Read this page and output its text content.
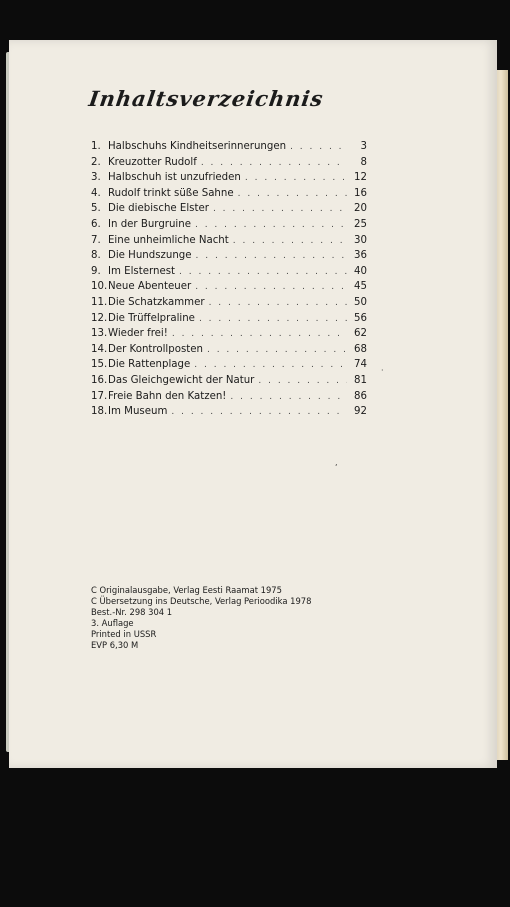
Inhaltsverzeichnis
1. Halbschuhs Kindheitserinnerungen . . .	3
2. Kreuzotter Rudolf . . .	8
3. Halbschuh ist unzufrieden . . .	12
4. Rudolf trinkt süße Sahne . . .	16
5. Die diebische Elster . . .	20
6. In der Burgruine . . .	25
7. Eine unheimliche Nacht . . .	30
8. Die Hundszunge . . .	36
9. Im Elsternest . . .	40
10. Neue Abenteuer . . .	45
11. Die Schatzkammer . . .	50
12. Die Trüffelpraline . . .	56
13. Wieder frei! . . .	62
14. Der Kontrollposten . . .	68
15. Die Rattenplage . . .	74
16. Das Gleichgewicht der Natur . . .	81
17. Freie Bahn den Katzen! . . .	86
18. Im Museum . . .	92
C Originalausgabe, Verlag Eesti Raamat 1975
C Übersetzung ins Deutsche, Verlag Perioodika 1978
Best.-Nr. 298 304 1
3. Auflage
Printed in USSR
EVP 6,30 M
,
·
